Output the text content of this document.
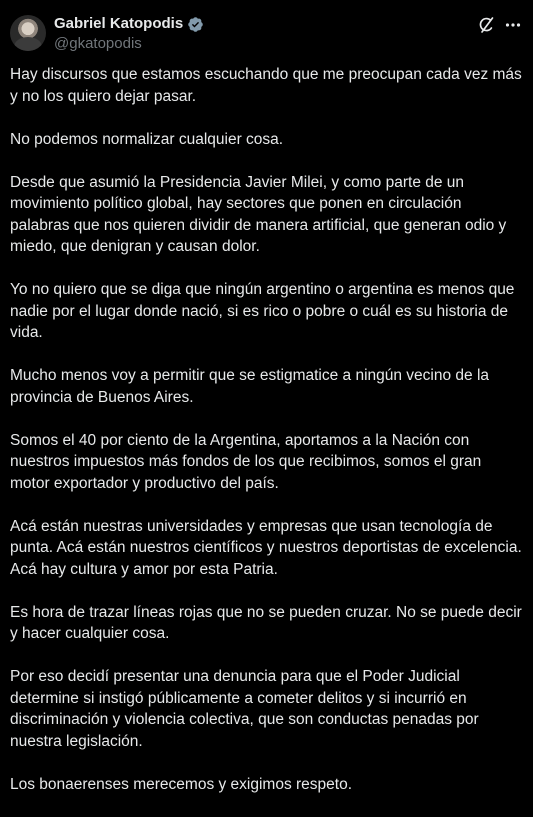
Gabriel Katopodis
@gkatopodis

Hay discursos que estamos escuchando que me preocupan cada vez más y no los quiero dejar pasar.

No podemos normalizar cualquier cosa.

Desde que asumió la Presidencia Javier Milei, y como parte de un movimiento político global, hay sectores que ponen en circulación palabras que nos quieren dividir de manera artificial, que generan odio y miedo, que denigran y causan dolor.

Yo no quiero que se diga que ningún argentino o argentina es menos que nadie por el lugar donde nació, si es rico o pobre o cuál es su historia de vida.

Mucho menos voy a permitir que se estigmatice a ningún vecino de la provincia de Buenos Aires.

Somos el 40 por ciento de la Argentina, aportamos a la Nación con nuestros impuestos más fondos de los que recibimos, somos el gran motor exportador y productivo del país.

Acá están nuestras universidades y empresas que usan tecnología de punta. Acá están nuestros científicos y nuestros deportistas de excelencia. Acá hay cultura y amor por esta Patria.

Es hora de trazar líneas rojas que no se pueden cruzar. No se puede decir y hacer cualquier cosa.

Por eso decidí presentar una denuncia para que el Poder Judicial determine si instigó públicamente a cometer delitos y si incurrió en discriminación y violencia colectiva, que son conductas penadas por nuestra legislación.

Los bonaerenses merecemos y exigimos respeto.
